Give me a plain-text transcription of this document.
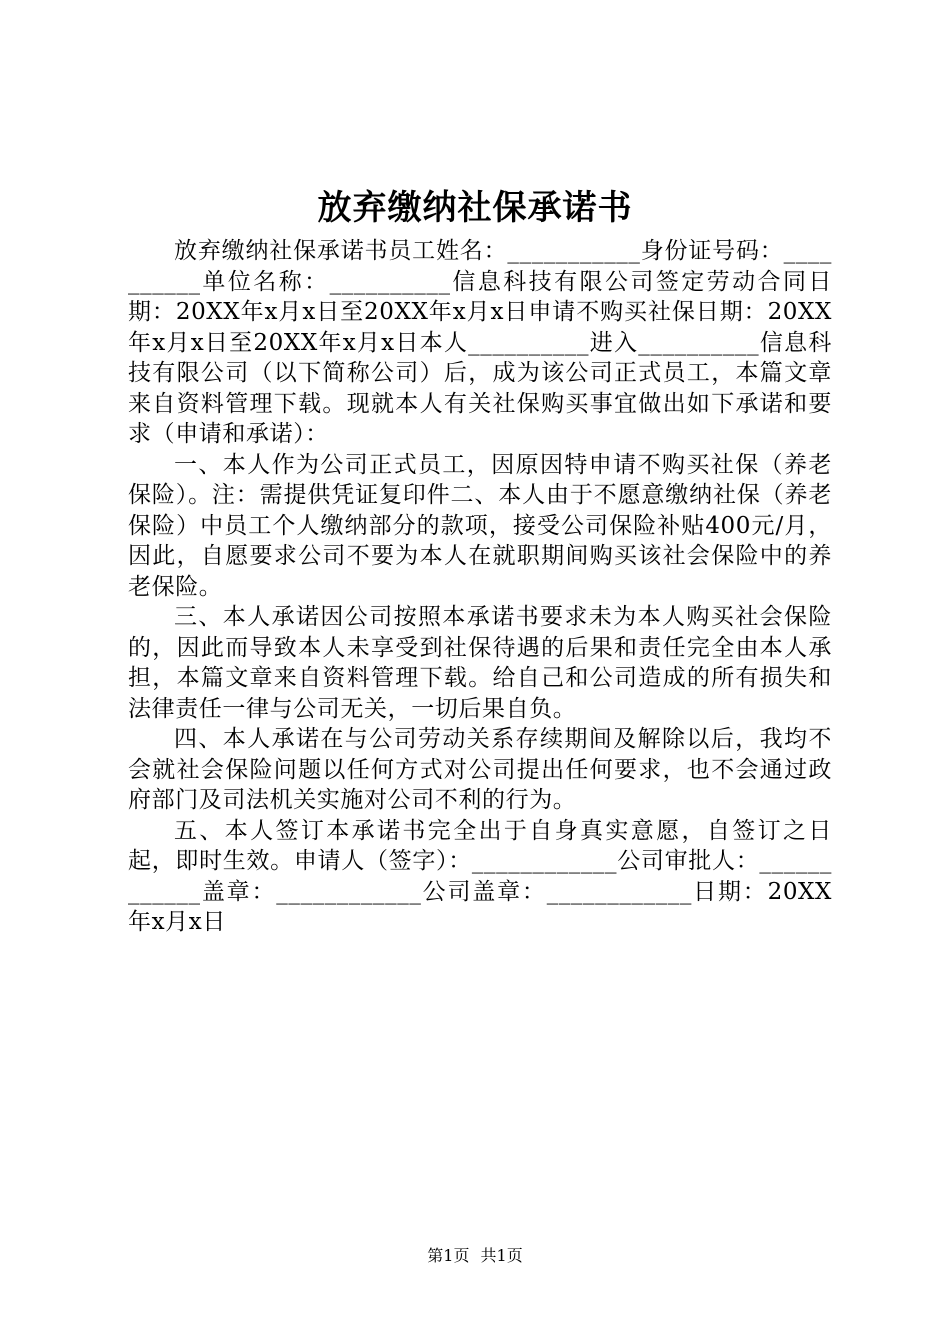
放弃缴纳社保承诺书

放弃缴纳社保承诺书员工姓名：___________身份证号码：__________单位名称：__________信息科技有限公司签定劳动合同日期：20XX年x月x日至20XX年x月x日申请不购买社保日期：20XX年x月x日至20XX年x月x日本人__________进入__________信息科技有限公司（以下简称公司）后，成为该公司正式员工，本篇文章来自资料管理下载。现就本人有关社保购买事宜做出如下承诺和要求（申请和承诺）：

一、本人作为公司正式员工，因原因特申请不购买社保（养老保险）。注：需提供凭证复印件二、本人由于不愿意缴纳社保（养老保险）中员工个人缴纳部分的款项，接受公司保险补贴400元/月，因此，自愿要求公司不要为本人在就职期间购买该社会保险中的养老保险。

三、本人承诺因公司按照本承诺书要求未为本人购买社会保险的，因此而导致本人未享受到社保待遇的后果和责任完全由本人承担，本篇文章来自资料管理下载。给自己和公司造成的所有损失和法律责任一律与公司无关，一切后果自负。

四、本人承诺在与公司劳动关系存续期间及解除以后，我均不会就社会保险问题以任何方式对公司提出任何要求，也不会通过政府部门及司法机关实施对公司不利的行为。

五、本人签订本承诺书完全出于自身真实意愿，自签订之日起，即时生效。申请人（签字）：____________公司审批人：____________盖章：____________公司盖章：____________日期：20XX年x月x日

第1页 共1页
